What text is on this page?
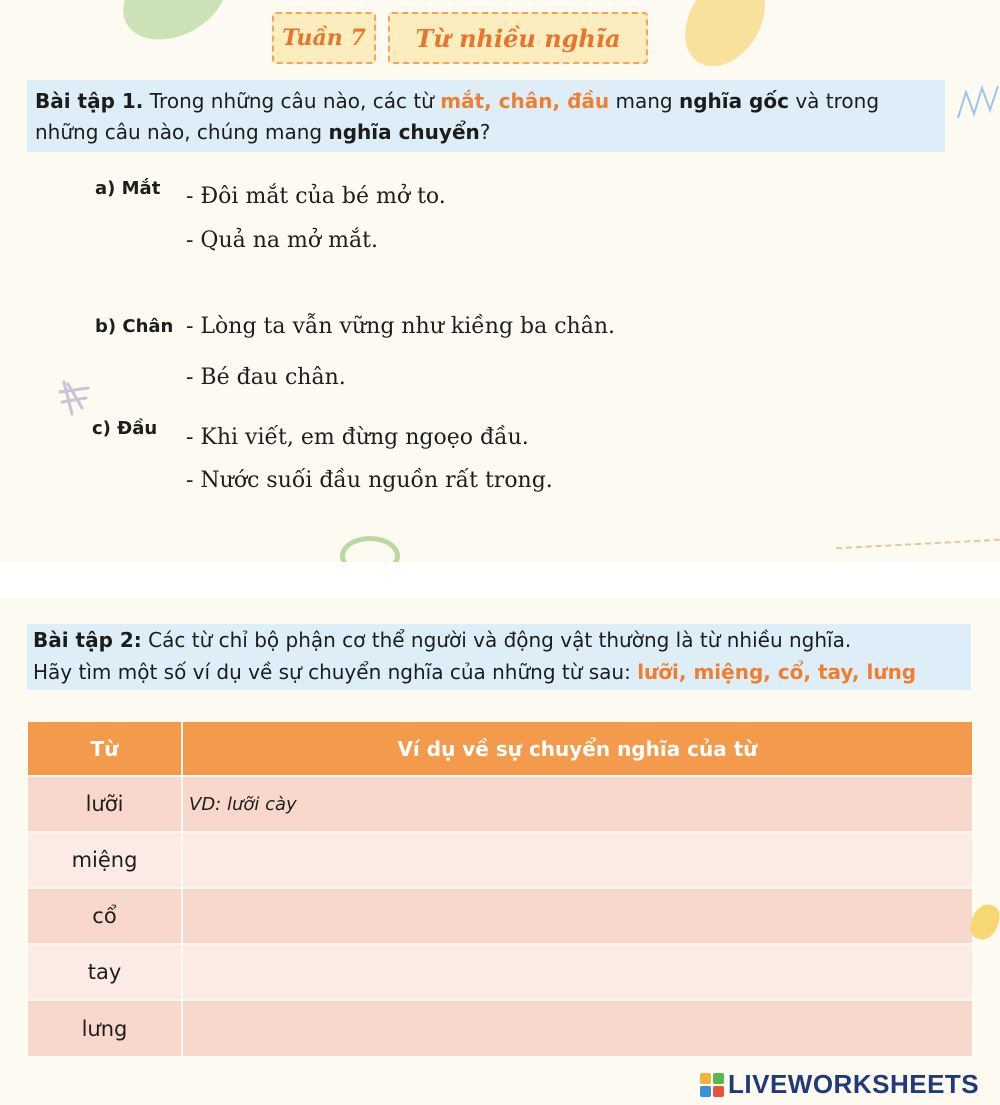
Tuần 7	Từ nhiều nghĩa
Bài tập 1. Trong những câu nào, các từ mắt, chân, đầu mang nghĩa gốc và trong những câu nào, chúng mang nghĩa chuyển?
a) Mắt - Đôi mắt của bé mở to.
- Quả na mở mắt.
b) Chân - Lòng ta vẫn vững như kiềng ba chân.
- Bé đau chân.
c) Đầu - Khi viết, em đừng ngoẹo đầu.
- Nước suối đầu nguồn rất trong.
Bài tập 2: Các từ chỉ bộ phận cơ thể người và động vật thường là từ nhiều nghĩa.
Hãy tìm một số ví dụ về sự chuyển nghĩa của những từ sau: lưỡi, miệng, cổ, tay, lưng
Từ	Ví dụ về sự chuyển nghĩa của từ
lưỡi	VD: lưỡi cày
miệng	
cổ	
tay	
lưng	
LIVEWORKSHEETS
